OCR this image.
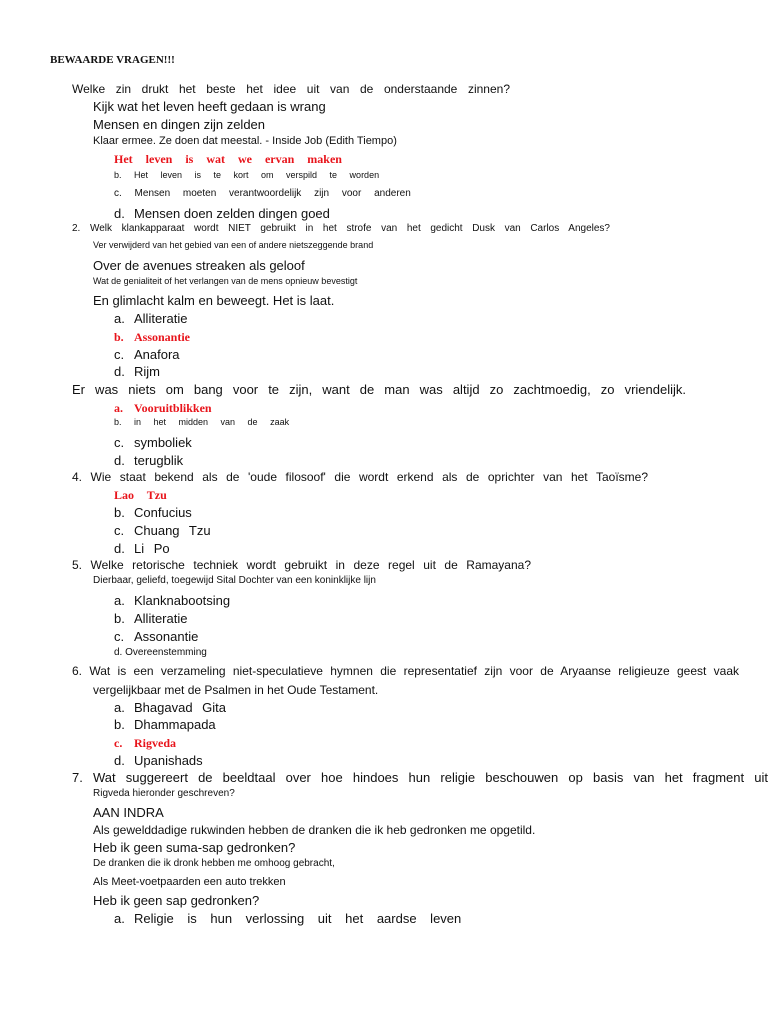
BEWAARDE VRAGEN!!!
Welke zin drukt het beste het idee uit van de onderstaande zinnen?
Kijk wat het leven heeft gedaan is wrang
Mensen en dingen zijn zelden
Klaar ermee. Ze doen dat meestal. - Inside Job (Edith Tiempo)
Het leven is wat we ervan maken
b. Het leven is te kort om verspild te worden
c. Mensen moeten verantwoordelijk zijn voor anderen
d. Mensen doen zelden dingen goed
2. Welk klankapparaat wordt NIET gebruikt in het strofe van het gedicht Dusk van Carlos Angeles?
Ver verwijderd van het gebied van een of andere nietszeggende brand
Over de avenues streaken als geloof
Wat de genialiteit of het verlangen van de mens opnieuw bevestigt
En glimlacht kalm en beweegt. Het is laat.
a. Alliteratie
b. Assonantie
c. Anafora
d. Rijm
Er was niets om bang voor te zijn, want de man was altijd zo zachtmoedig, zo vriendelijk.
a. Vooruitblikken
b. in het midden van de zaak
c. symboliek
d. terugblik
4. Wie staat bekend als de 'oude filosoof' die wordt erkend als de oprichter van het Taoïsme?
Lao Tzu
b. Confucius
c. Chuang Tzu
d. Li Po
5. Welke retorische techniek wordt gebruikt in deze regel uit de Ramayana?
Dierbaar, geliefd, toegewijd Sital Dochter van een koninklijke lijn
a. Klanknabootsing
b. Alliteratie
c. Assonantie
d. Overeenstemming
6. Wat is een verzameling niet-speculatieve hymnen die representatief zijn voor de Aryaanse religieuze geest vaak
vergelijkbaar met de Psalmen in het Oude Testament.
a. Bhagavad Gita
b. Dhammapada
c. Rigveda
d. Upanishads
7. Wat suggereert de beeldtaal over hoe hindoes hun religie beschouwen op basis van het fragment uit
Rigveda hieronder geschreven?
AAN INDRA
Als gewelddadige rukwinden hebben de dranken die ik heb gedronken me opgetild.
Heb ik geen suma-sap gedronken?
De dranken die ik dronk hebben me omhoog gebracht,
Als Meet-voetpaarden een auto trekken
Heb ik geen sap gedronken?
a. Religie is hun verlossing uit het aardse leven
